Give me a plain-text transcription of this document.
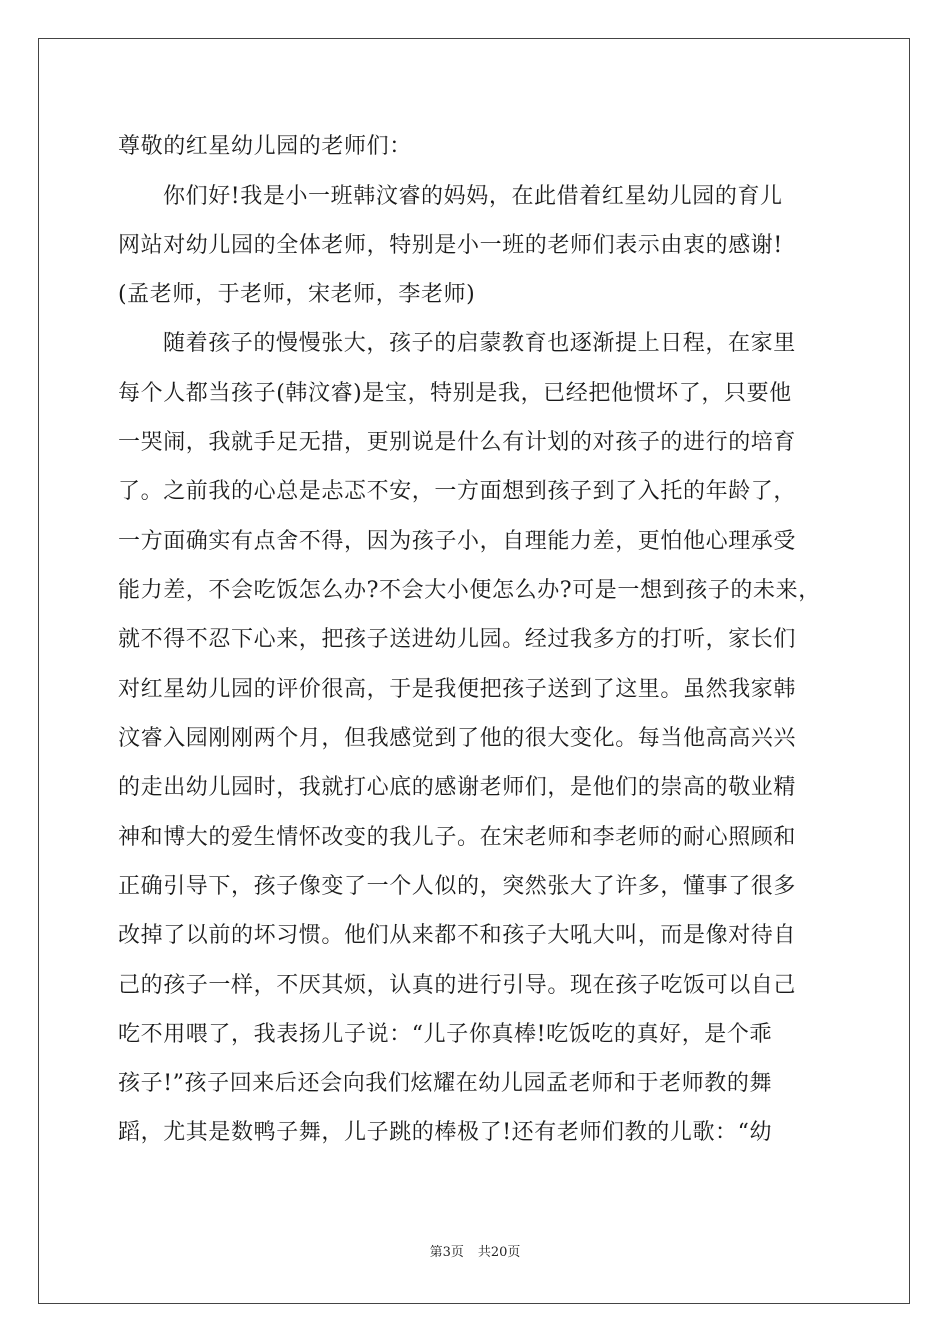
尊敬的红星幼儿园的老师们：
你们好!我是小一班韩汶睿的妈妈，在此借着红星幼儿园的育儿
网站对幼儿园的全体老师，特别是小一班的老师们表示由衷的感谢!
(孟老师，于老师，宋老师，李老师)
随着孩子的慢慢张大，孩子的启蒙教育也逐渐提上日程，在家里
每个人都当孩子(韩汶睿)是宝，特别是我，已经把他惯坏了，只要他
一哭闹，我就手足无措，更别说是什么有计划的对孩子的进行的培育
了。之前我的心总是忐忑不安，一方面想到孩子到了入托的年龄了，
一方面确实有点舍不得，因为孩子小，自理能力差，更怕他心理承受
能力差，不会吃饭怎么办?不会大小便怎么办?可是一想到孩子的未来，
就不得不忍下心来，把孩子送进幼儿园。经过我多方的打听，家长们
对红星幼儿园的评价很高，于是我便把孩子送到了这里。虽然我家韩
汶睿入园刚刚两个月，但我感觉到了他的很大变化。每当他高高兴兴
的走出幼儿园时，我就打心底的感谢老师们，是他们的崇高的敬业精
神和博大的爱生情怀改变的我儿子。在宋老师和李老师的耐心照顾和
正确引导下，孩子像变了一个人似的，突然张大了许多，懂事了很多
改掉了以前的坏习惯。他们从来都不和孩子大吼大叫，而是像对待自
己的孩子一样，不厌其烦，认真的进行引导。现在孩子吃饭可以自己
吃不用喂了，我表扬儿子说：“儿子你真棒!吃饭吃的真好，是个乖
孩子!”孩子回来后还会向我们炫耀在幼儿园孟老师和于老师教的舞
蹈，尤其是数鸭子舞，儿子跳的棒极了!还有老师们教的儿歌：“幼
第3页 共20页
